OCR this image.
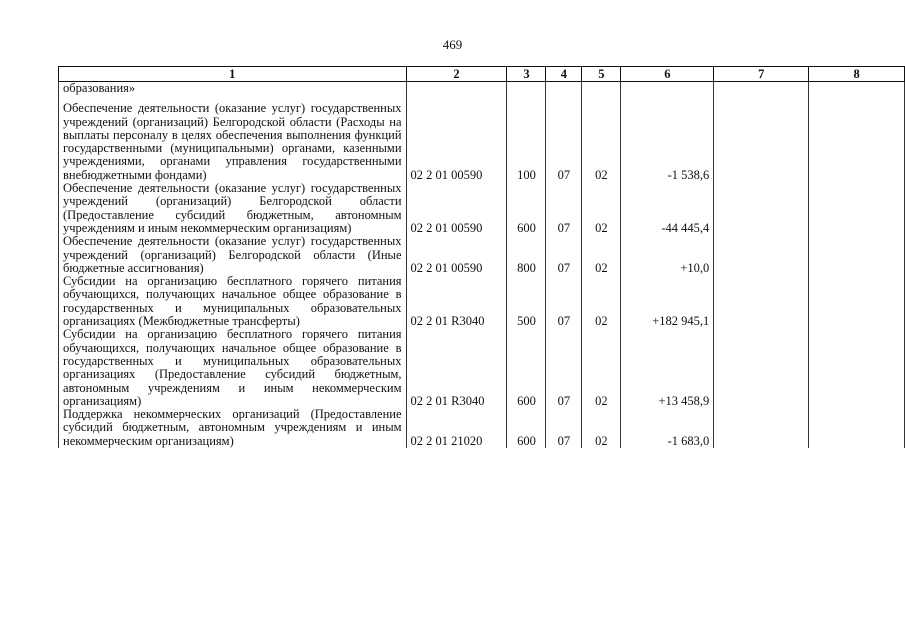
469
1	2	3	4	5	6	7	8
образования»							

Обеспечение деятельности (оказание услуг) государственных учреждений (организаций) Белгородской области (Расходы на выплаты персоналу в целях обеспечения выполнения функций государственными (муниципальными) органами, казенными учреждениями, органами управления государственными внебюджетными фондами)	02 2 01 00590	100	07	02	-1 538,6		
Обеспечение деятельности (оказание услуг) государственных учреждений (организаций) Белгородской области (Предоставление субсидий бюджетным, автономным учреждениям и иным некоммерческим организациям)	02 2 01 00590	600	07	02	-44 445,4		
Обеспечение деятельности (оказание услуг) государственных учреждений (организаций) Белгородской области (Иные бюджетные ассигнования)	02 2 01 00590	800	07	02	+10,0		
Субсидии на организацию бесплатного горячего питания обучающихся, получающих начальное общее образование в государственных и муниципальных образовательных организациях (Межбюджетные трансферты)	02 2 01 R3040	500	07	02	+182 945,1		
Субсидии на организацию бесплатного горячего питания обучающихся, получающих начальное общее образование в государственных и муниципальных образовательных организациях (Предоставление субсидий бюджетным, автономным учреждениям и иным некоммерческим организациям)	02 2 01 R3040	600	07	02	+13 458,9		
Поддержка некоммерческих организаций (Предоставление субсидий бюджетным, автономным учреждениям и иным некоммерческим организациям)	02 2 01 21020	600	07	02	-1 683,0		
